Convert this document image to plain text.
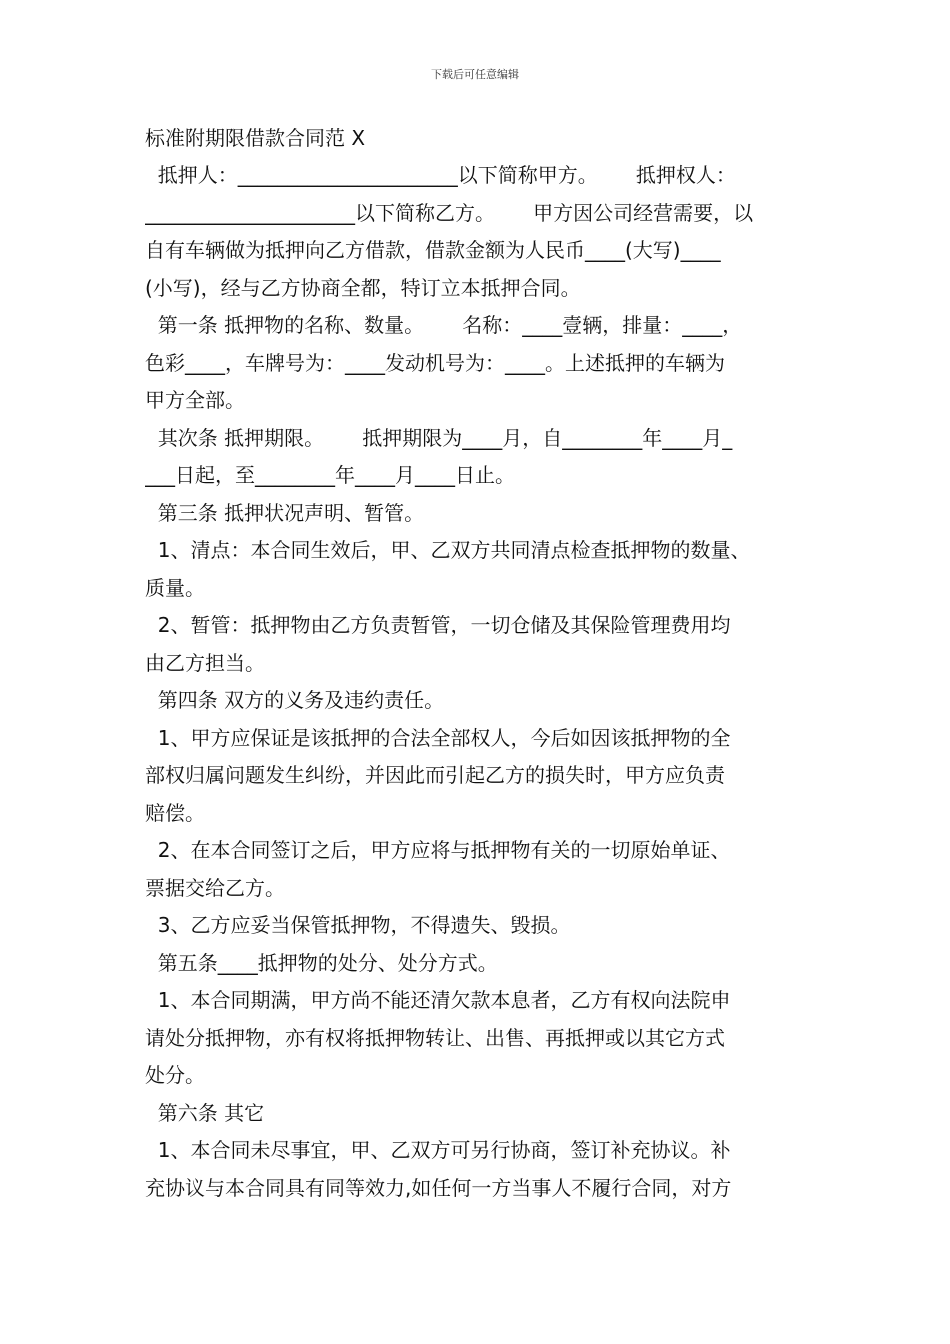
下载后可任意编辑
标准附期限借款合同范 X
抵押人：______________________以下简称甲方。      抵押权人：
_____________________以下简称乙方。      甲方因公司经营需要，以
自有车辆做为抵押向乙方借款，借款金额为人民币____(大写)____
(小写)，经与乙方协商全都，特订立本抵押合同。
第一条 抵押物的名称、数量。      名称：____壹辆，排量：____，
色彩____，车牌号为：____发动机号为：____。上述抵押的车辆为
甲方全部。
其次条 抵押期限。      抵押期限为____月，自________年____月_
___日起，至________年____月____日止。
第三条 抵押状况声明、暂管。
1、清点：本合同生效后，甲、乙双方共同清点检查抵押物的数量、
质量。
2、暂管：抵押物由乙方负责暂管，一切仓储及其保险管理费用均
由乙方担当。
第四条 双方的义务及违约责任。
1、甲方应保证是该抵押的合法全部权人，今后如因该抵押物的全
部权归属问题发生纠纷，并因此而引起乙方的损失时，甲方应负责
赔偿。
2、在本合同签订之后，甲方应将与抵押物有关的一切原始单证、
票据交给乙方。
3、乙方应妥当保管抵押物，不得遗失、毁损。
第五条____抵押物的处分、处分方式。
1、本合同期满，甲方尚不能还清欠款本息者，乙方有权向法院申
请处分抵押物，亦有权将抵押物转让、出售、再抵押或以其它方式
处分。
第六条 其它
1、本合同未尽事宜，甲、乙双方可另行协商，签订补充协议。补
充协议与本合同具有同等效力,如任何一方当事人不履行合同，对方
